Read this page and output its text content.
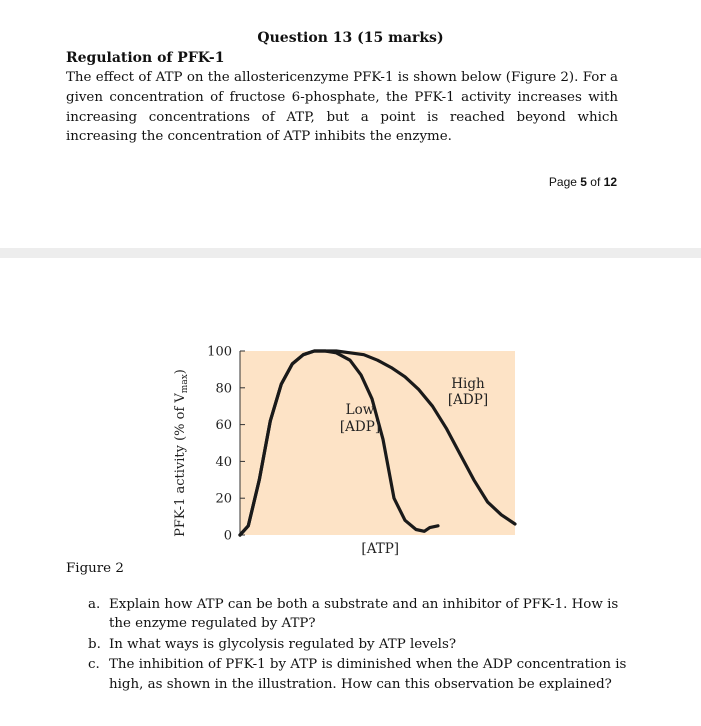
Question 13 (15 marks)
Regulation of PFK-1

The effect of ATP on the allostericenzyme PFK-1 is shown below (Figure 2). For a given concentration of fructose 6-phosphate, the PFK-1 activity increases with increasing concentrations of ATP, but a point is reached beyond which increasing the concentration of ATP inhibits the enzyme.

Page 5 of 12
0
20
40
60
80
100
Low
[ADP]
High
[ADP]
[ATP]
PFK-1 activity (% of $V_{max}$)
Figure 2
a. Explain how ATP can be both a substrate and an inhibitor of PFK-1. How is the enzyme regulated by ATP?
b. In what ways is glycolysis regulated by ATP levels?
c. The inhibition of PFK-1 by ATP is diminished when the ADP concentration is high, as shown in the illustration. How can this observation be explained?
